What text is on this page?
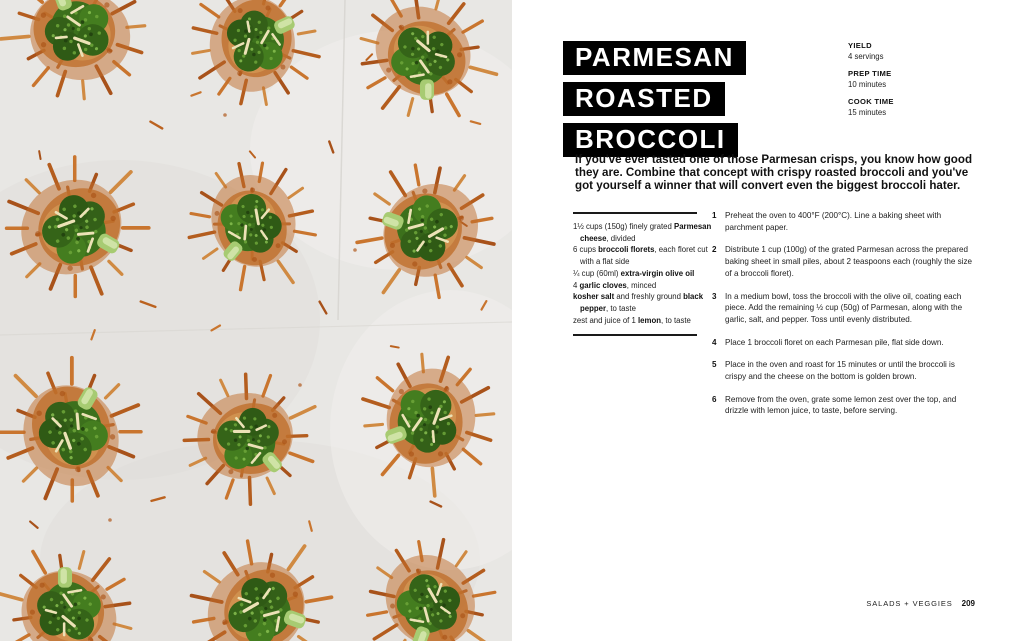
PARMESAN
ROASTED
BROCCOLI
YIELD
4 servings
PREP TIME
10 minutes
COOK TIME
15 minutes

If you've ever tasted one of those Parmesan crisps, you know how good they are. Combine that concept with crispy roasted broccoli and you've got yourself a winner that will convert even the biggest broccoli hater.

1½ cups (150g) finely grated Parmesan cheese, divided
6 cups broccoli florets, each floret cut with a flat side
¼ cup (60ml) extra-virgin olive oil
4 garlic cloves, minced
kosher salt and freshly ground black pepper, to taste
zest and juice of 1 lemon, to taste
1	Preheat the oven to 400°F (200°C). Line a baking sheet with parchment paper.
2	Distribute 1 cup (100g) of the grated Parmesan across the prepared baking sheet in small piles, about 2 teaspoons each (roughly the size of a broccoli floret).
3	In a medium bowl, toss the broccoli with the olive oil, coating each piece. Add the remaining ½ cup (50g) of Parmesan, along with the garlic, salt, and pepper. Toss until evenly distributed.
4	Place 1 broccoli floret on each Parmesan pile, flat side down.
5	Place in the oven and roast for 15 minutes or until the broccoli is crispy and the cheese on the bottom is golden brown.
6	Remove from the oven, grate some lemon zest over the top, and drizzle with lemon juice, to taste, before serving.
SALADS + VEGGIES 209
